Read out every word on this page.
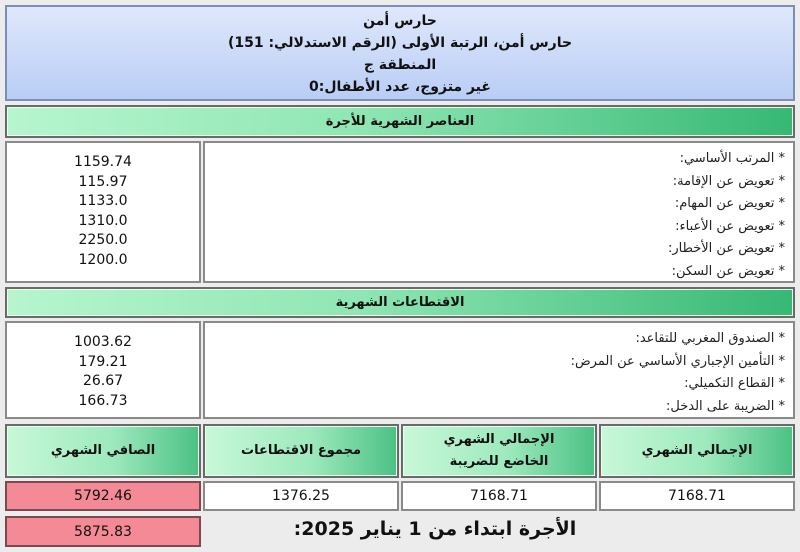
حارس أمن
حارس أمن، الرتبة الأولى (الرقم الاستدلالي: 151)
المنطقة ج
غير متزوج، عدد الأطفال:0
العناصر الشهرية للأجرة
* المرتب الأساسي:
* تعويض عن الإقامة:
* تعويض عن المهام:
* تعويض عن الأعباء:
* تعويض عن الأخطار:
* تعويض عن السكن:
1159.74
115.97
1133.0
1310.0
2250.0
1200.0
الاقتطاعات الشهرية
* الصندوق المغربي للتقاعد:
* التأمين الإجباري الأساسي عن المرض:
* القطاع التكميلي:
* الضريبة على الدخل:
1003.62
179.21
26.67
166.73
الإجمالي الشهري
الإجمالي الشهري الخاضع للضريبة
مجموع الاقتطاعات
الصافي الشهري
7168.71
7168.71
1376.25
5792.46
الأجرة ابتداء من 1 يناير 2025:
5875.83
